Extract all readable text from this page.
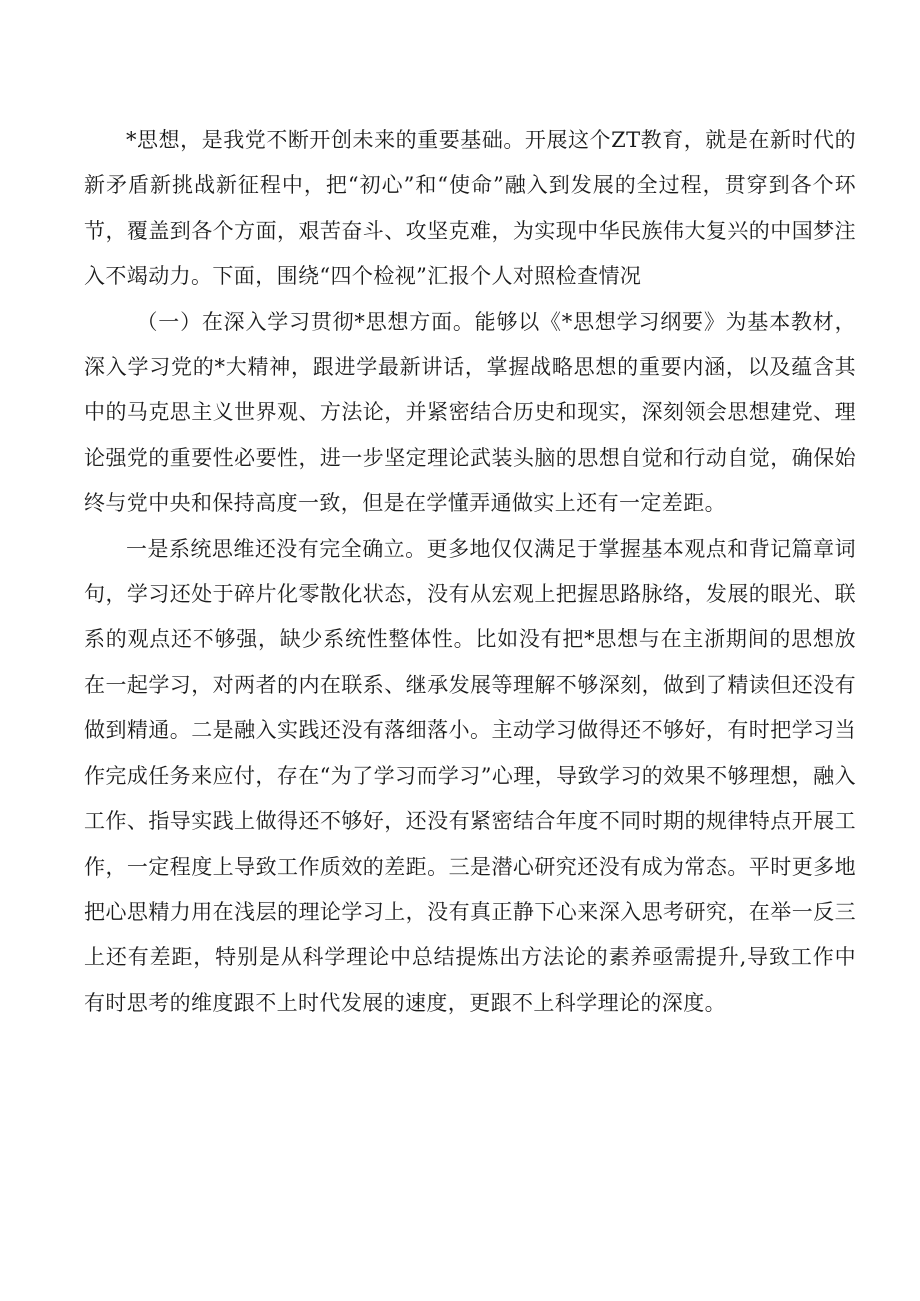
*思想，是我党不断开创未来的重要基础。开展这个ZT教育，就是在新时代的新矛盾新挑战新征程中，把“初心”和“使命”融入到发展的全过程，贯穿到各个环节，覆盖到各个方面，艰苦奋斗、攻坚克难，为实现中华民族伟大复兴的中国梦注入不竭动力。下面，围绕“四个检视”汇报个人对照检查情况

（一）在深入学习贯彻*思想方面。能够以《*思想学习纲要》为基本教材，深入学习党的*大精神，跟进学最新讲话，掌握战略思想的重要内涵，以及蕴含其中的马克思主义世界观、方法论，并紧密结合历史和现实，深刻领会思想建党、理论强党的重要性必要性，进一步坚定理论武装头脑的思想自觉和行动自觉，确保始终与党中央和保持高度一致，但是在学懂弄通做实上还有一定差距。

一是系统思维还没有完全确立。更多地仅仅满足于掌握基本观点和背记篇章词句，学习还处于碎片化零散化状态，没有从宏观上把握思路脉络，发展的眼光、联系的观点还不够强，缺少系统性整体性。比如没有把*思想与在主浙期间的思想放在一起学习，对两者的内在联系、继承发展等理解不够深刻，做到了精读但还没有做到精通。二是融入实践还没有落细落小。主动学习做得还不够好，有时把学习当作完成任务来应付，存在“为了学习而学习”心理，导致学习的效果不够理想，融入工作、指导实践上做得还不够好，还没有紧密结合年度不同时期的规律特点开展工作，一定程度上导致工作质效的差距。三是潜心研究还没有成为常态。平时更多地把心思精力用在浅层的理论学习上，没有真正静下心来深入思考研究，在举一反三上还有差距，特别是从科学理论中总结提炼出方法论的素养亟需提升,导致工作中有时思考的维度跟不上时代发展的速度，更跟不上科学理论的深度。
